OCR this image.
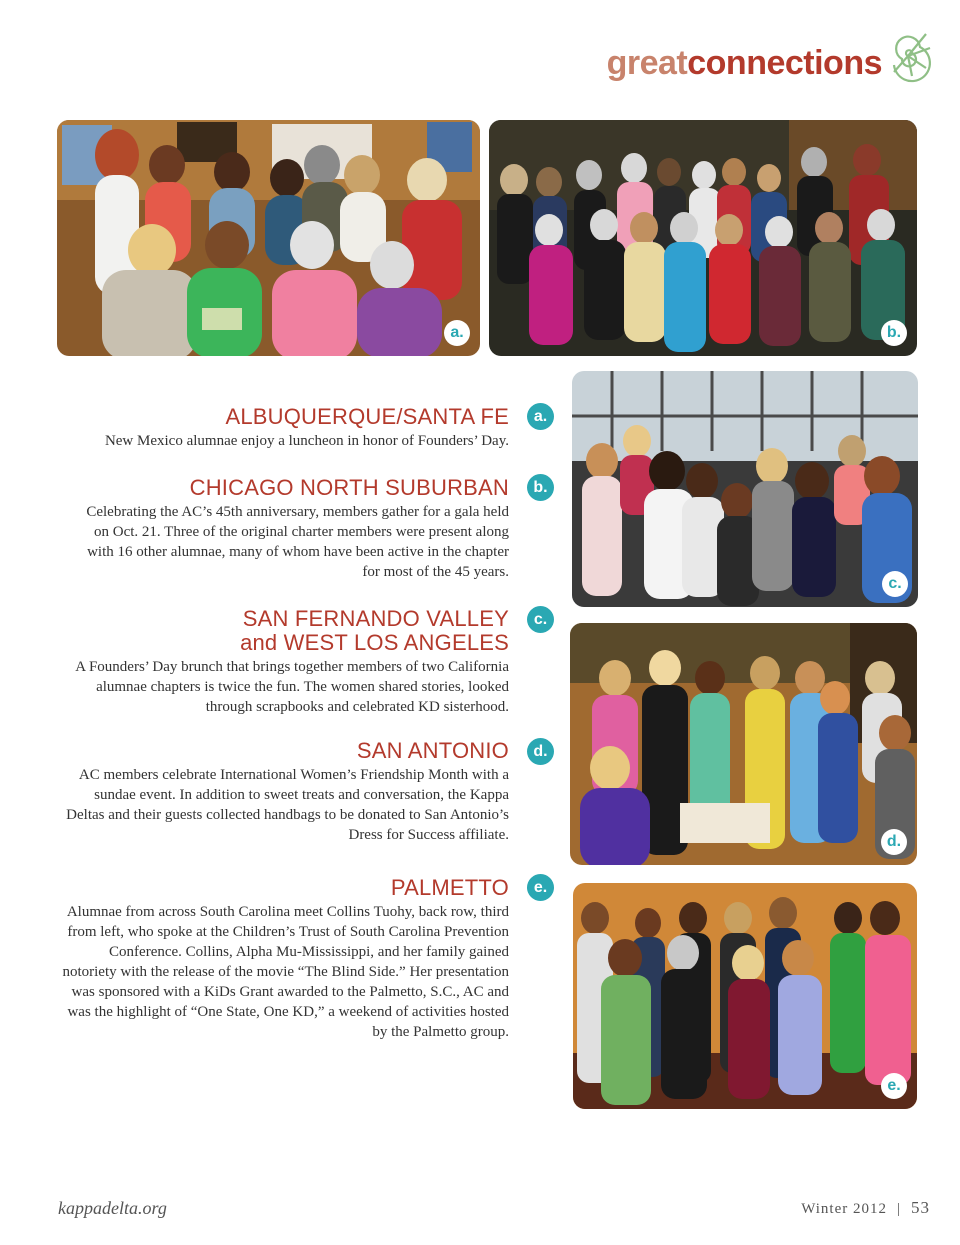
greatconnections
a.	b.
c.
d.
e.
ALBUQUERQUE/SANTA FE

New Mexico alumnae enjoy a luncheon in honor of Founders’ Day.

a.
CHICAGO NORTH SUBURBAN

Celebrating the AC’s 45th anniversary, members gather for a gala held on Oct. 21. Three of the original charter members were present along with 16 other alumnae, many of whom have been active in the chapter for most of the 45 years.

b.
SAN FERNANDO VALLEY
and WEST LOS ANGELES

A Founders’ Day brunch that brings together members of two California alumnae chapters is twice the fun. The women shared stories, looked through scrapbooks and celebrated KD sisterhood.

c.
SAN ANTONIO

AC members celebrate International Women’s Friendship Month with a sundae event. In addition to sweet treats and conversation, the Kappa Deltas and their guests collected handbags to be donated to San Antonio’s Dress for Success affiliate.

d.
PALMETTO

Alumnae from across South Carolina meet Collins Tuohy, back row, third from left, who spoke at the Children’s Trust of South Carolina Prevention Conference. Collins, Alpha Mu-Mississippi, and her family gained notoriety with the release of the movie “The Blind Side.” Her presentation was sponsored with a KiDs Grant awarded to the Palmetto, S.C., AC and was the highlight of “One State, One KD,” a weekend of activities hosted by the Palmetto group.

e.
kappadelta.org	Winter 2012 | 53
